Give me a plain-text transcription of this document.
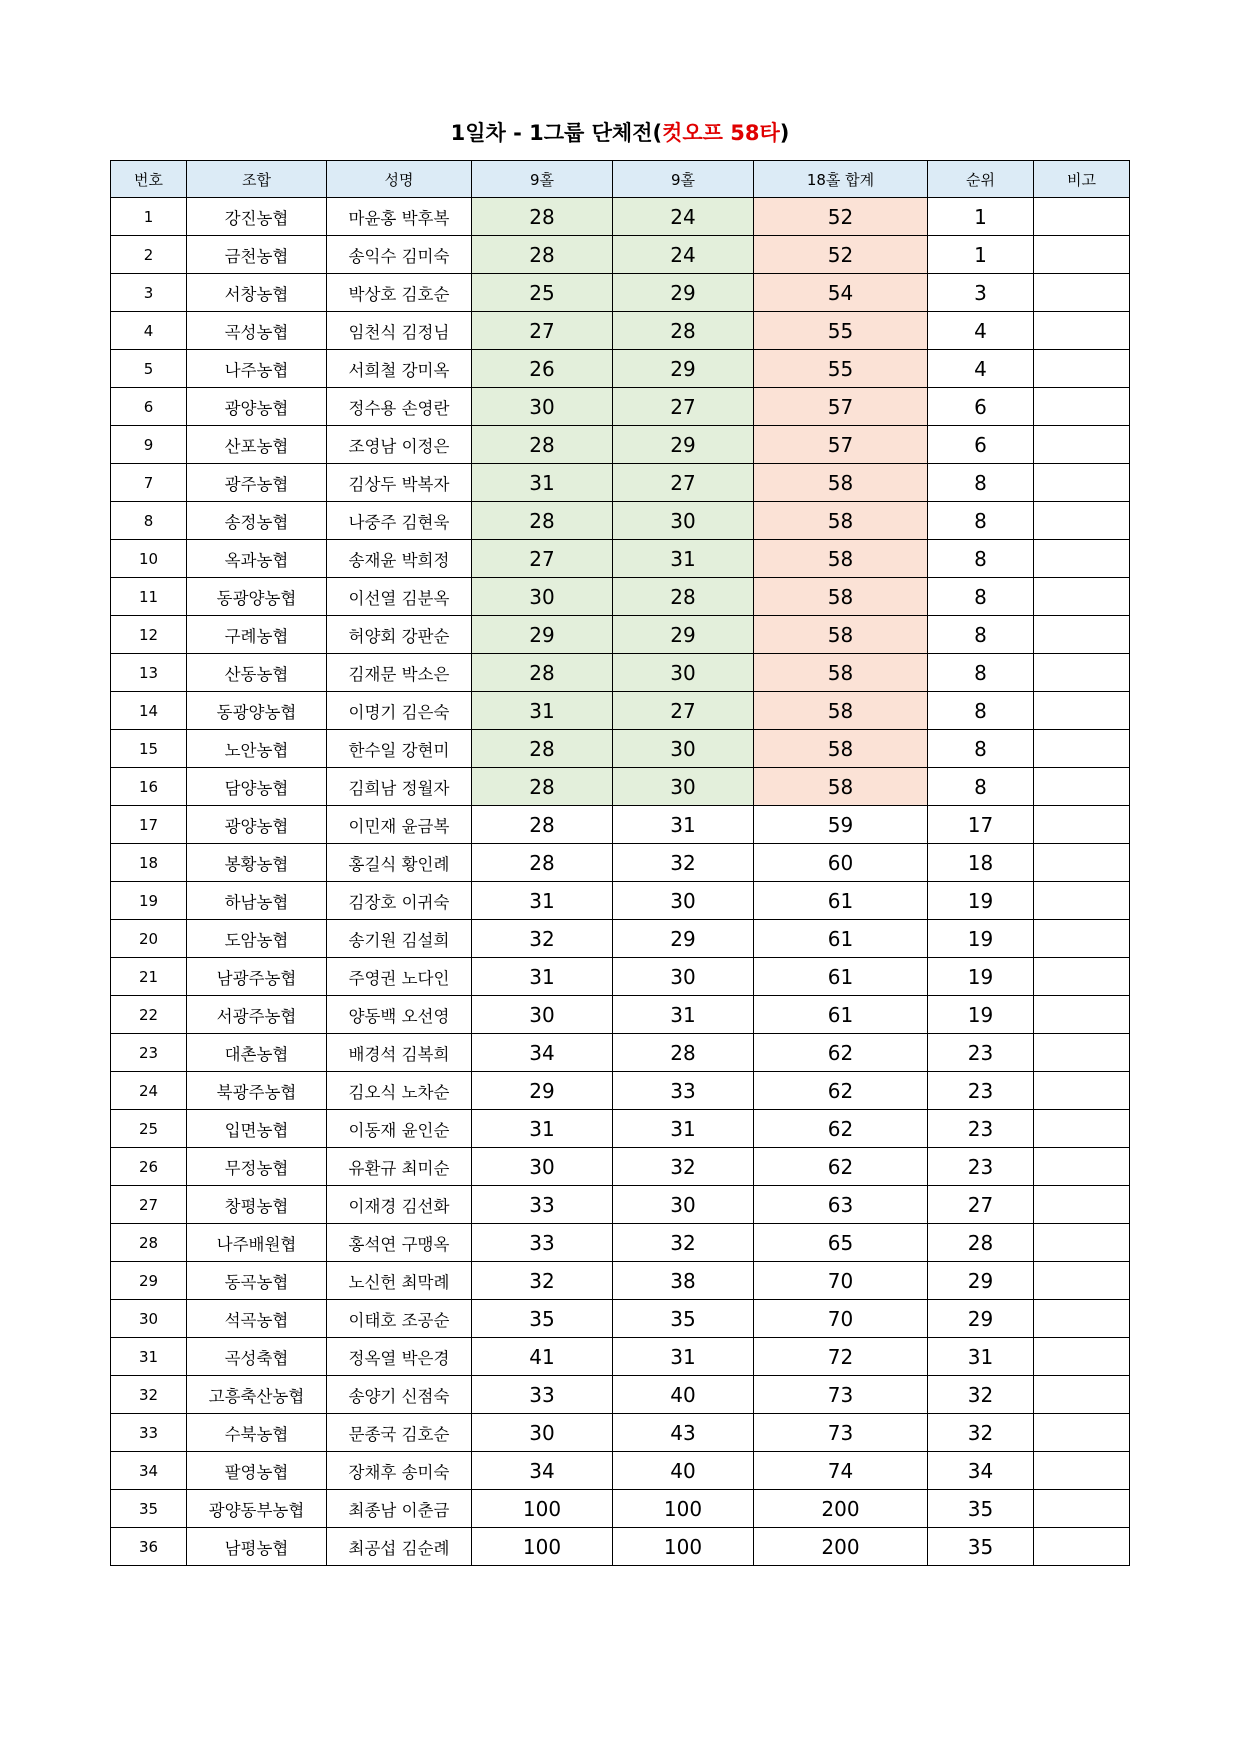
1일차 - 1그룹 단체전(컷오프 58타)
번호	조합	성명	9홀	9홀	18홀 합계	순위	비고
1	강진농협	마윤홍 박후복	28	24	52	1	
2	금천농협	송익수 김미숙	28	24	52	1	
3	서창농협	박상호 김호순	25	29	54	3	
4	곡성농협	임천식 김정님	27	28	55	4	
5	나주농협	서희철 강미옥	26	29	55	4	
6	광양농협	정수용 손영란	30	27	57	6	
9	산포농협	조영남 이정은	28	29	57	6	
7	광주농협	김상두 박복자	31	27	58	8	
8	송정농협	나중주 김현욱	28	30	58	8	
10	옥과농협	송재윤 박희정	27	31	58	8	
11	동광양농협	이선열 김분옥	30	28	58	8	
12	구례농협	허양회 강판순	29	29	58	8	
13	산동농협	김재문 박소은	28	30	58	8	
14	동광양농협	이명기 김은숙	31	27	58	8	
15	노안농협	한수일 강현미	28	30	58	8	
16	담양농협	김희남 정월자	28	30	58	8	
17	광양농협	이민재 윤금복	28	31	59	17	
18	봉황농협	홍길식 황인례	28	32	60	18	
19	하남농협	김장호 이귀숙	31	30	61	19	
20	도암농협	송기원 김설희	32	29	61	19	
21	남광주농협	주영권 노다인	31	30	61	19	
22	서광주농협	양동백 오선영	30	31	61	19	
23	대촌농협	배경석 김복희	34	28	62	23	
24	북광주농협	김오식 노차순	29	33	62	23	
25	입면농협	이동재 윤인순	31	31	62	23	
26	무정농협	유환규 최미순	30	32	62	23	
27	창평농협	이재경 김선화	33	30	63	27	
28	나주배원협	홍석연 구맹옥	33	32	65	28	
29	동곡농협	노신헌 최막례	32	38	70	29	
30	석곡농협	이태호 조공순	35	35	70	29	
31	곡성축협	정옥열 박은경	41	31	72	31	
32	고흥축산농협	송양기 신점숙	33	40	73	32	
33	수북농협	문종국 김호순	30	43	73	32	
34	팔영농협	장채후 송미숙	34	40	74	34	
35	광양동부농협	최종남 이춘금	100	100	200	35	
36	남평농협	최공섭 김순례	100	100	200	35	
